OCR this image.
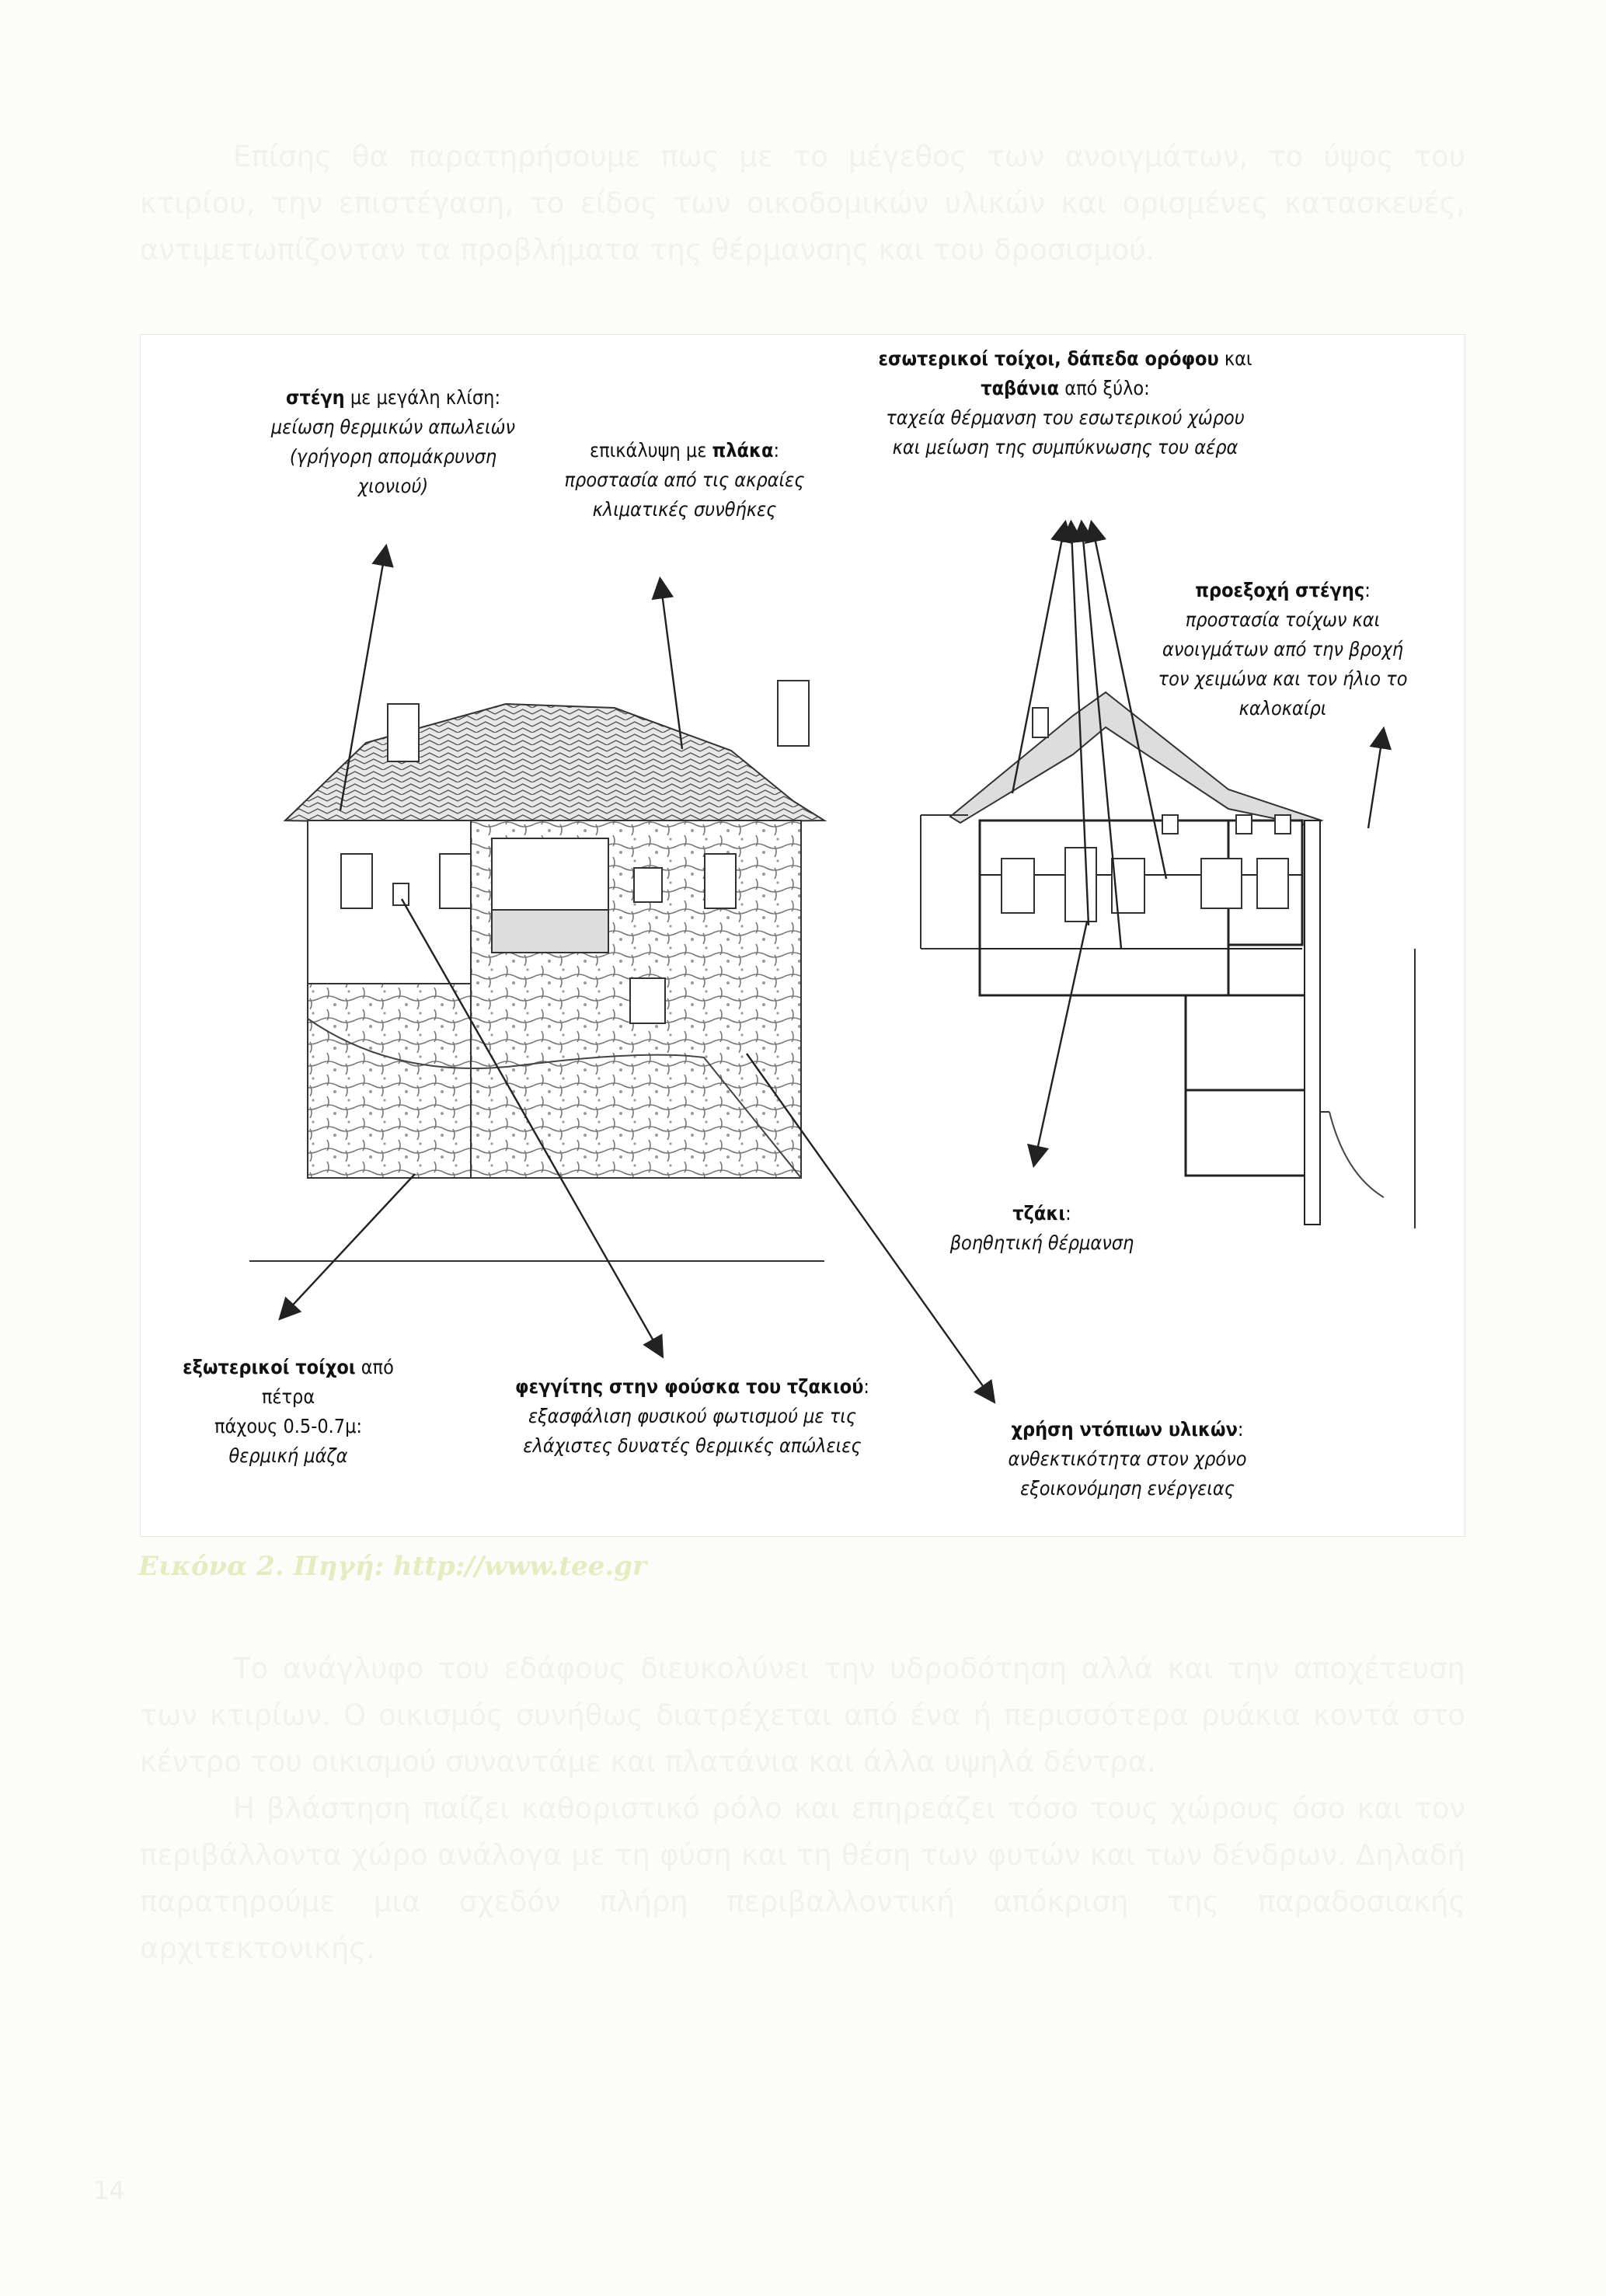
Επίσης θα παρατηρήσουμε πως με το μέγεθος των ανοιγμάτων, το ύψος του κτιρίου, την επιστέγαση, το είδος των οικοδομικών υλικών και ορισμένες κατασκευές, αντιμετωπίζονταν τα προβλήματα της θέρμανσης και του δροσισμού.
στέγη με μεγάλη κλίση:
μείωση θερμικών απωλειών
(γρήγορη απομάκρυνση
χιονιού)
επικάλυψη με πλάκα:
προστασία από τις ακραίες
κλιματικές συνθήκες
εσωτερικοί τοίχοι, δάπεδα ορόφου και
ταβάνια από ξύλο:
ταχεία θέρμανση του εσωτερικού χώρου
και μείωση της συμπύκνωσης του αέρα
προεξοχή στέγης:
προστασία τοίχων και
ανοιγμάτων από την βροχή
τον χειμώνα και τον ήλιο το
καλοκαίρι
τζάκι:
βοηθητική θέρμανση
εξωτερικοί τοίχοι από πέτρα
πάχους 0.5-0.7μ:
θερμική μάζα
φεγγίτης στην φούσκα του τζακιού:
εξασφάλιση φυσικού φωτισμού με τις
ελάχιστες δυνατές θερμικές απώλειες
χρήση ντόπιων υλικών:
ανθεκτικότητα στον χρόνο
εξοικονόμηση ενέργειας
Εικόνα 2. Πηγή: http://www.tee.gr
Το ανάγλυφο του εδάφους διευκολύνει την υδροδότηση αλλά και την αποχέτευση των κτιρίων. Ο οικισμός συνήθως διατρέχεται από ένα ή περισσότερα ρυάκια κοντά στο κέντρο του οικισμού συναντάμε και πλατάνια και άλλα υψηλά δέντρα.
Η βλάστηση παίζει καθοριστικό ρόλο και επηρεάζει τόσο τους χώρους όσο και τον περιβάλλοντα χώρο ανάλογα με τη φύση και τη θέση των φυτών και των δένδρων. Δηλαδή παρατηρούμε μια σχεδόν πλήρη περιβαλλοντική απόκριση της παραδοσιακής αρχιτεκτονικής.
14
